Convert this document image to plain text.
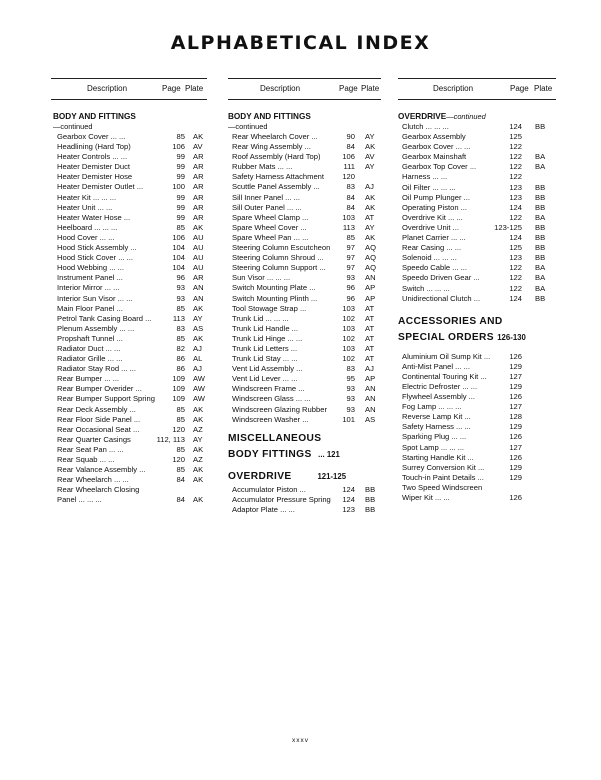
ALPHABETICAL INDEX
Description	Page Plate	Description	Page Plate	Description	Page Plate
BODY AND FITTINGS
—continued
Gearbox Cover ... ...	85 AK
Headlining (Hard Top)	106 AV
Heater Controls ... ...	99 AR
Heater Demister Duct	99 AR
Heater Demister Hose	99 AR
Heater Demister Outlet ...	100 AR
Heater Kit ... ... ...	99 AR
Heater Unit ... ...	99 AR
Heater Water Hose ...	99 AR
Heelboard ... ... ...	85 AK
Hood Cover ... ...	106 AU
Hood Stick Assembly ...	104 AU
Hood Stick Cover ... ...	104 AU
Hood Webbing ... ...	104 AU
Instrument Panel ...	96 AR
Interior Mirror ... ...	93 AN
Interior Sun Visor ... ...	93 AN
Main Floor Panel ...	85 AK
Petrol Tank Casing Board ...	113 AY
Plenum Assembly ... ...	83 AS
Propshaft Tunnel ...	85 AK
Radiator Duct ... ...	82 AJ
Radiator Grille ... ...	86 AL
Radiator Stay Rod ... ...	86 AJ
Rear Bumper ... ...	109 AW
Rear Bumper Overider ...	109 AW
Rear Bumper Support Spring	109 AW
Rear Deck Assembly ...	85 AK
Rear Floor Side Panel ...	85 AK
Rear Occasional Seat ...	120 AZ
Rear Quarter Casings	112, 113 AY
Rear Seat Pan ... ...	85 AK
Rear Squab ... ...	120 AZ
Rear Valance Assembly ...	85 AK
Rear Wheelarch ... ...	84 AK
Rear Wheelarch Closing
Panel ... ... ...	84 AK
BODY AND FITTINGS
—continued
Rear Wheelarch Cover ...	90 AY
Rear Wing Assembly ...	84 AK
Roof Assembly (Hard Top)	106 AV
Rubber Mats ... ...	111 AY
Safety Harness Attachment	120
Scuttle Panel Assembly ...	83 AJ
Sill Inner Panel ... ...	84 AK
Sill Outer Panel ... ...	84 AK
Spare Wheel Clamp ...	103 AT
Spare Wheel Cover ...	113 AY
Spare Wheel Pan ... ...	85 AK
Steering Column Escutcheon	97 AQ
Steering Column Shroud ...	97 AQ
Steering Column Support ...	97 AQ
Sun Visor ... ... ...	93 AN
Switch Mounting Plate ...	96 AP
Switch Mounting Plinth ...	96 AP
Tool Stowage Strap ...	103 AT
Trunk Lid ... ... ...	102 AT
Trunk Lid Handle ...	103 AT
Trunk Lid Hinge ... ...	102 AT
Trunk Lid Letters ...	103 AT
Trunk Lid Stay ... ...	102 AT
Vent Lid Assembly ...	83 AJ
Vent Lid Lever ... ...	95 AP
Windscreen Frame ...	93 AN
Windscreen Glass ... ...	93 AN
Windscreen Glazing Rubber	93 AN
Windscreen Washer ...	101 AS
MISCELLANEOUS
BODY FITTINGS ... 121
OVERDRIVE	121-125
Accumulator Piston ...	124 BB
Accumulator Pressure Spring	124 BB
Adaptor Plate ... ...	123 BB
OVERDRIVE—continued
Clutch ... ... ...	124 BB
Gearbox Assembly	125
Gearbox Cover ... ...	122
Gearbox Mainshaft	122 BA
Gearbox Top Cover ...	122 BA
Harness ... ...	122
Oil Filter ... ... ...	123 BB
Oil Pump Plunger ...	123 BB
Operating Piston ...	124 BB
Overdrive Kit ... ...	122 BA
Overdrive Unit ...	123-125 BB
Planet Carrier ... ...	124 BB
Rear Casing ... ...	125 BB
Solenoid ... ... ...	123 BB
Speedo Cable ... ...	122 BA
Speedo Driven Gear ...	122 BA
Switch ... ... ...	122 BA
Unidirectional Clutch ...	124 BB
ACCESSORIES AND
SPECIAL ORDERS 126-130
Aluminium Oil Sump Kit ...	126
Anti-Mist Panel ... ...	129
Continental Touring Kit ...	127
Electric Defroster ... ...	129
Flywheel Assembly ...	126
Fog Lamp ... ... ...	127
Reverse Lamp Kit ...	128
Safety Harness ... ...	129
Sparking Plug ... ...	126
Spot Lamp ... ... ...	127
Starting Handle Kit ...	126
Surrey Conversion Kit ...	129
Touch-in Paint Details ...	129
Two Speed Windscreen
Wiper Kit ... ...	126
xxxv
